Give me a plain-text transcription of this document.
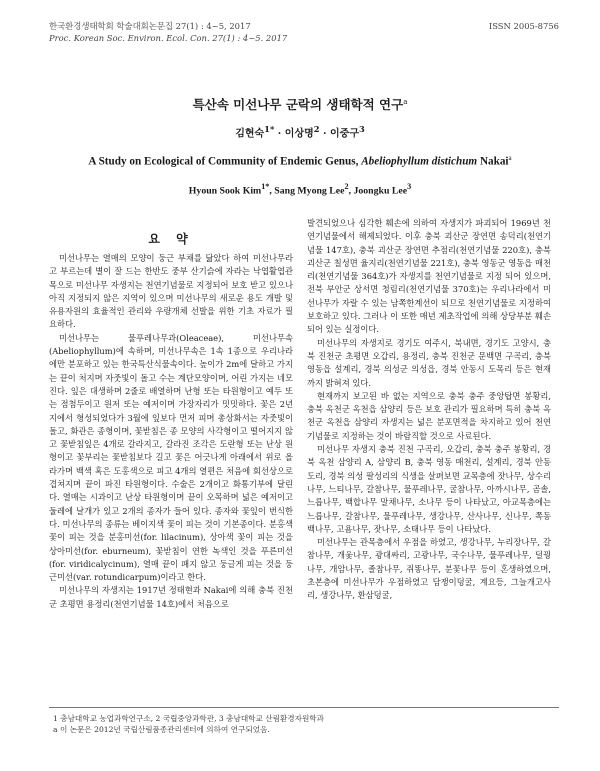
한국환경생태학회 학술대회논문집 27(1) : 4~5, 2017	ISSN 2005-8756
Proc. Korean Soc. Environ. Ecol. Con. 27(1) : 4~5. 2017
특산속 미선나무 군락의 생태학적 연구$^a$
김현숙$^{1*}$ · 이상명$^2$ · 이중구$^3$
A Study on Ecological of Community of Endemic Genus, Abeliophyllum distichum Nakai$^a$
Hyoun Sook Kim$^{1*}$, Sang Myong Lee$^2$, Joongku Lee$^3$
요 약

미선나무는 열매의 모양이 둥근 부채를 닮았다 하여 미선나무라고 부르는데 별이 잘 드는 한반도 중부 산기슭에 자라는 낙엽활엽관목으로 미선나무 자생지는 천연기념물로 지정되어 보호 받고 있으나 아직 지정되지 않은 지역이 있으며 미선나무의 새로운 용도 개발 및 유용자원의 효율적인 관리와 우량개체 선발을 위한 기초 자료가 필요하다.

미선나무는 물푸레나무과(Oleaceae), 미선나무속(Abeliophyllum)에 속하며, 미선나무속은 1속 1종으로 우리나라에만 분포하고 있는 한국특산식물속이다. 높이가 2m에 달하고 가지는 끝이 처지며 자줏빛이 돌고 수는 계단모양이며, 어린 가지는 네모진다. 잎은 대생하며 2줄로 배열하며 난형 또는 타원형이고 예두 또는 점첨두이고 원저 또는 예저이며 가장자리가 밋밋하다. 꽃은 2년지에서 형성되었다가 3월에 잎보다 먼저 피며 총상화서는 자줏빛이 돌고, 화관은 종형이며, 꽃받침은 종 모양의 사각형이고 떨어지지 않고 꽃받침잎은 4개로 갈라지고, 갈라진 조각은 도란형 또는 난상 원형이고 꽃부리는 꽃받침보다 길고 꽃은 어긋나게 아래에서 위로 올라가며 백색 혹은 도홍색으로 피고 4개의 열편은 처음에 회선상으로 겹쳐지며 끝이 파진 타원형이다. 수술은 2개이고 화통기부에 달린다. 열매는 시과이고 난상 타원형이며 끝이 오목하며 넓은 예저이고 둘레에 날개가 있고 2개의 종자가 들어 있다. 종자와 꽃잎이 번식한다. 미선나무의 종류는 베이지색 꽃이 피는 것이 기본종이다. 분홍색 꽃이 피는 것을 분홍미선(for. lilacinum), 상아색 꽃이 피는 것을 상아미선(for. eburneum), 꽃받침이 연한 녹색인 것을 푸른미선(for. viridicalycinum), 열매 끝이 패지 않고 둥글게 피는 것을 둥근미선(var. rotundicarpum)이라고 한다.

미선나무의 자생지는 1917년 정태현과 Nakai에 의해 충북 진천군 초평면 용정리(천연기념물 14호)에서 처음으로

발견되었으나 심각한 훼손에 의하여 자생지가 파괴되어 1969년 천연기념물에서 해제되었다. 이후 충북 괴산군 장연면 송덕리(천연기념물 147호), 충북 괴산군 장연면 추점리(천연기념물 220호), 충북 괴산군 칠성면 율지리(천연기념물 221호), 충북 영동군 영동읍 매천리(천연기념물 364호)가 자생지를 천연기념물로 지정 되어 있으며, 전북 부안군 상서면 청림리(천연기념물 370호)는 우리나라에서 미선나무가 자랄 수 있는 남쪽한계선이 되므로 천연기념물로 지정하여 보호하고 있다. 그러나 이 또한 매년 제초작업에 의해 상당부분 훼손되어 있는 실정이다.

미선나무의 자생지로 경기도 여주시, 북내면, 경기도 고양시, 충북 진천군 초평면 오갑리, 용정리, 충북 진천군 문백면 구곡리, 충북 영동읍 설계리, 경북 의성군 의성읍, 경북 안동시 도목리 등은 현재까지 밝혀져 있다.

현재까지 보고된 바 없는 지역으로 충북 충주 중앙탑면 봉황리, 충북 옥천군 옥천읍 삼양리 등은 보호 관리가 필요하며 특히 충북 옥천군 옥천읍 삼양리 자생지는 넓은 분포면적을 차지하고 있어 천연기념물로 지정하는 것이 바람직할 것으로 사료된다.

미선나무 자생지 충북 진천 구곡리, 오갑리, 충북 충주 봉황리, 경북 옥천 삼양리 A, 삼양리 B, 충북 영동 매천리, 설계리, 경북 안동 도리, 경북 의성 팔성리의 식생을 살펴보면 교목층에 잣나무, 상수리나무, 느티나무, 갈참나무, 물푸레나무, 굴참나무, 아까시나무, 곰솔, 느릅나무, 백합나무 말채나무, 소나무 등이 나타났고, 아교목층에는 느릅나무, 갈참나무, 물푸레나무, 생강나무, 산사나무, 신나무, 쪽동백나무, 고욤나무, 잣나무, 소태나무 등이 나타났다.

미선나무는 관목층에서 우점을 하였고, 생강나무, 누리장나무, 갈참나무, 개옻나무, 광대싸리, 고광나무, 국수나무, 물푸레나무, 덜꿩나무, 개암나무, 졸참나무, 쥐똥나무, 분꽃나무 등이 혼생하였으며, 초본층에 미선나무가 우점하였고 담쟁이덩굴, 계요등, 그늘개고사리, 생강나무, 환삼덩굴,

1 충남대학교 농업과학연구소, 2 국립중앙과학관, 3 충남대학교 산림환경자원학과
a 이 논문은 2012년 국립산림품종관리센터에 의하여 연구되었음.
